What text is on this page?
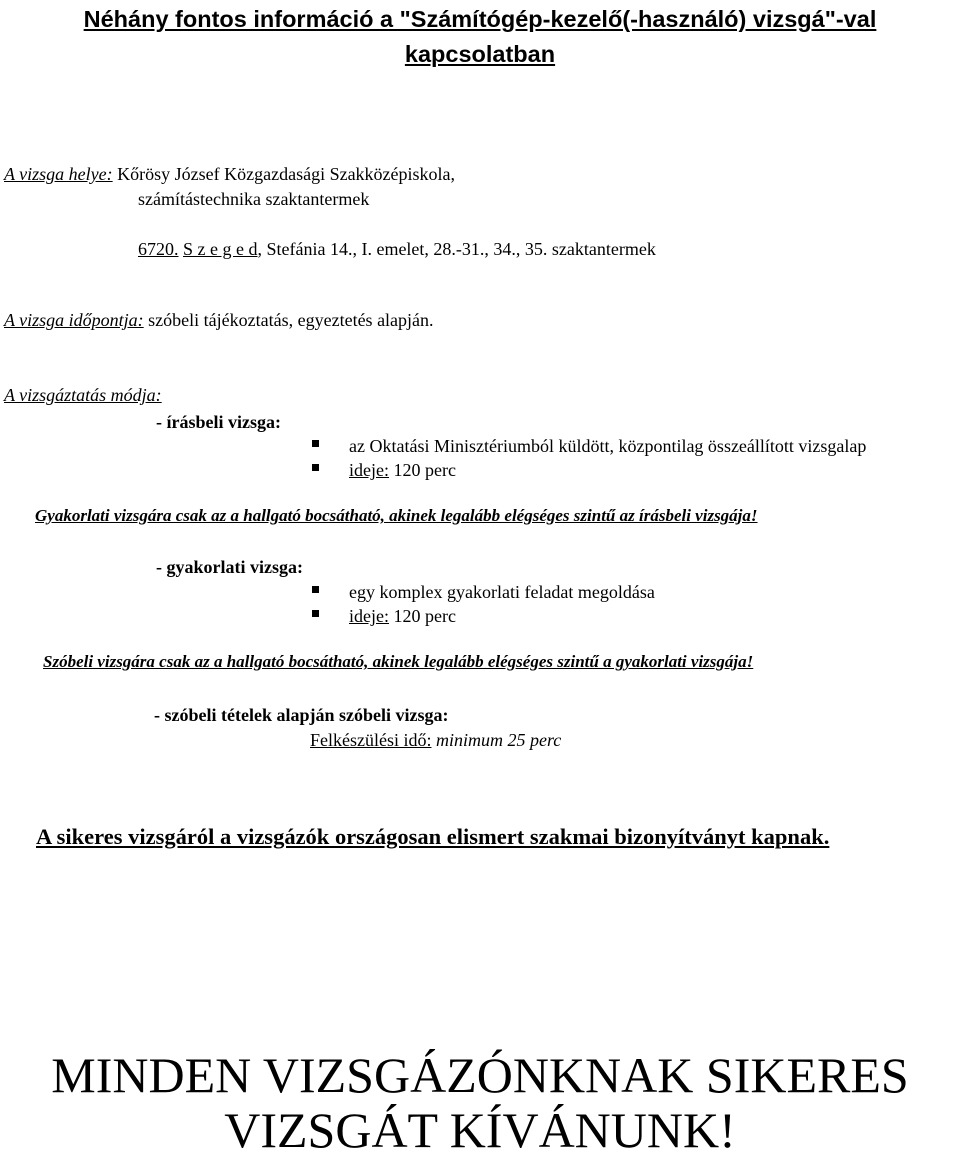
Néhány fontos információ a "Számítógép-kezelő(-használó) vizsgá"-val
kapcsolatban
A vizsga helye: Kőrösy József Közgazdasági Szakközépiskola,
számítástechnika szaktantermek
6720. S z e g e d, Stefánia 14., I. emelet, 28.-31., 34., 35. szaktantermek
A vizsga időpontja: szóbeli tájékoztatás, egyeztetés alapján.
A vizsgáztatás módja:
- írásbeli vizsga:
az Oktatási Minisztériumból küldött, központilag összeállított vizsgalap
ideje: 120 perc
Gyakorlati vizsgára csak az a hallgató bocsátható, akinek legalább elégséges szintű az írásbeli vizsgája!
- gyakorlati vizsga:
egy komplex gyakorlati feladat megoldása
ideje: 120 perc
Szóbeli vizsgára csak az a hallgató bocsátható, akinek legalább elégséges szintű a gyakorlati vizsgája!
- szóbeli tételek alapján szóbeli vizsga:
Felkészülési idő: minimum 25 perc
A sikeres vizsgáról a vizsgázók országosan elismert szakmai bizonyítványt kapnak.
MINDEN VIZSGÁZÓNKNAK SIKERES
VIZSGÁT KÍVÁNUNK!
